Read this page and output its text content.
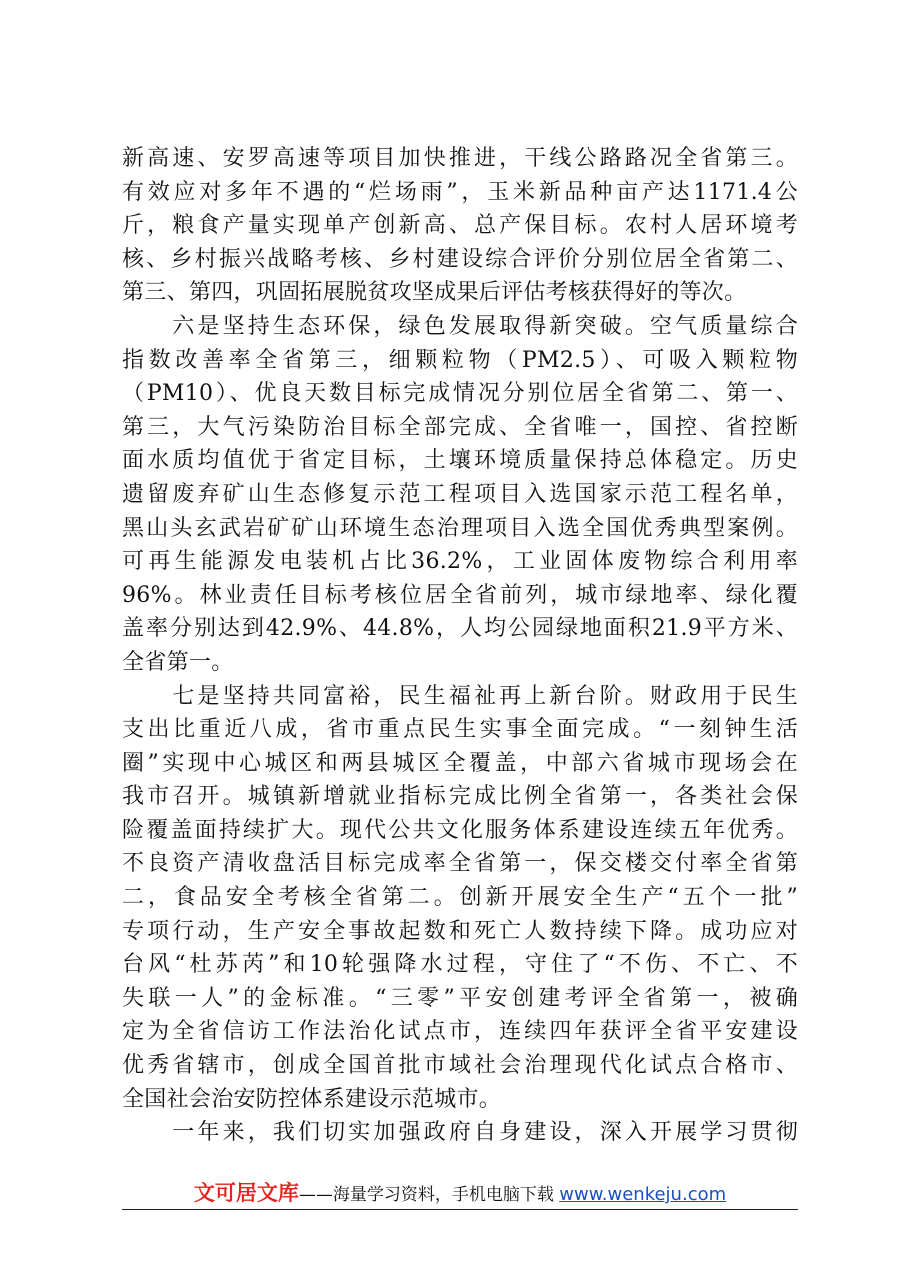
新高速、安罗高速等项目加快推进，干线公路路况全省第三。
有效应对多年不遇的“烂场雨”，玉米新品种亩产达1171.4公
斤，粮食产量实现单产创新高、总产保目标。农村人居环境考
核、乡村振兴战略考核、乡村建设综合评价分别位居全省第二、
第三、第四，巩固拓展脱贫攻坚成果后评估考核获得好的等次。
　　六是坚持生态环保，绿色发展取得新突破。空气质量综合
指数改善率全省第三，细颗粒物（PM2.5）、可吸入颗粒物
（PM10）、优良天数目标完成情况分别位居全省第二、第一、
第三，大气污染防治目标全部完成、全省唯一，国控、省控断
面水质均值优于省定目标，土壤环境质量保持总体稳定。历史
遗留废弃矿山生态修复示范工程项目入选国家示范工程名单，
黑山头玄武岩矿矿山环境生态治理项目入选全国优秀典型案例。
可再生能源发电装机占比36.2%，工业固体废物综合利用率
96%。林业责任目标考核位居全省前列，城市绿地率、绿化覆
盖率分别达到42.9%、44.8%，人均公园绿地面积21.9平方米、
全省第一。
　　七是坚持共同富裕，民生福祉再上新台阶。财政用于民生
支出比重近八成，省市重点民生实事全面完成。“一刻钟生活
圈”实现中心城区和两县城区全覆盖，中部六省城市现场会在
我市召开。城镇新增就业指标完成比例全省第一，各类社会保
险覆盖面持续扩大。现代公共文化服务体系建设连续五年优秀。
不良资产清收盘活目标完成率全省第一，保交楼交付率全省第
二，食品安全考核全省第二。创新开展安全生产“五个一批”
专项行动，生产安全事故起数和死亡人数持续下降。成功应对
台风“杜苏芮”和10轮强降水过程，守住了“不伤、不亡、不
失联一人”的金标准。“三零”平安创建考评全省第一，被确
定为全省信访工作法治化试点市，连续四年获评全省平安建设
优秀省辖市，创成全国首批市域社会治理现代化试点合格市、
全国社会治安防控体系建设示范城市。
　　一年来，我们切实加强政府自身建设，深入开展学习贯彻
文可居文库——海量学习资料，手机电脑下载 www.wenkeju.com
